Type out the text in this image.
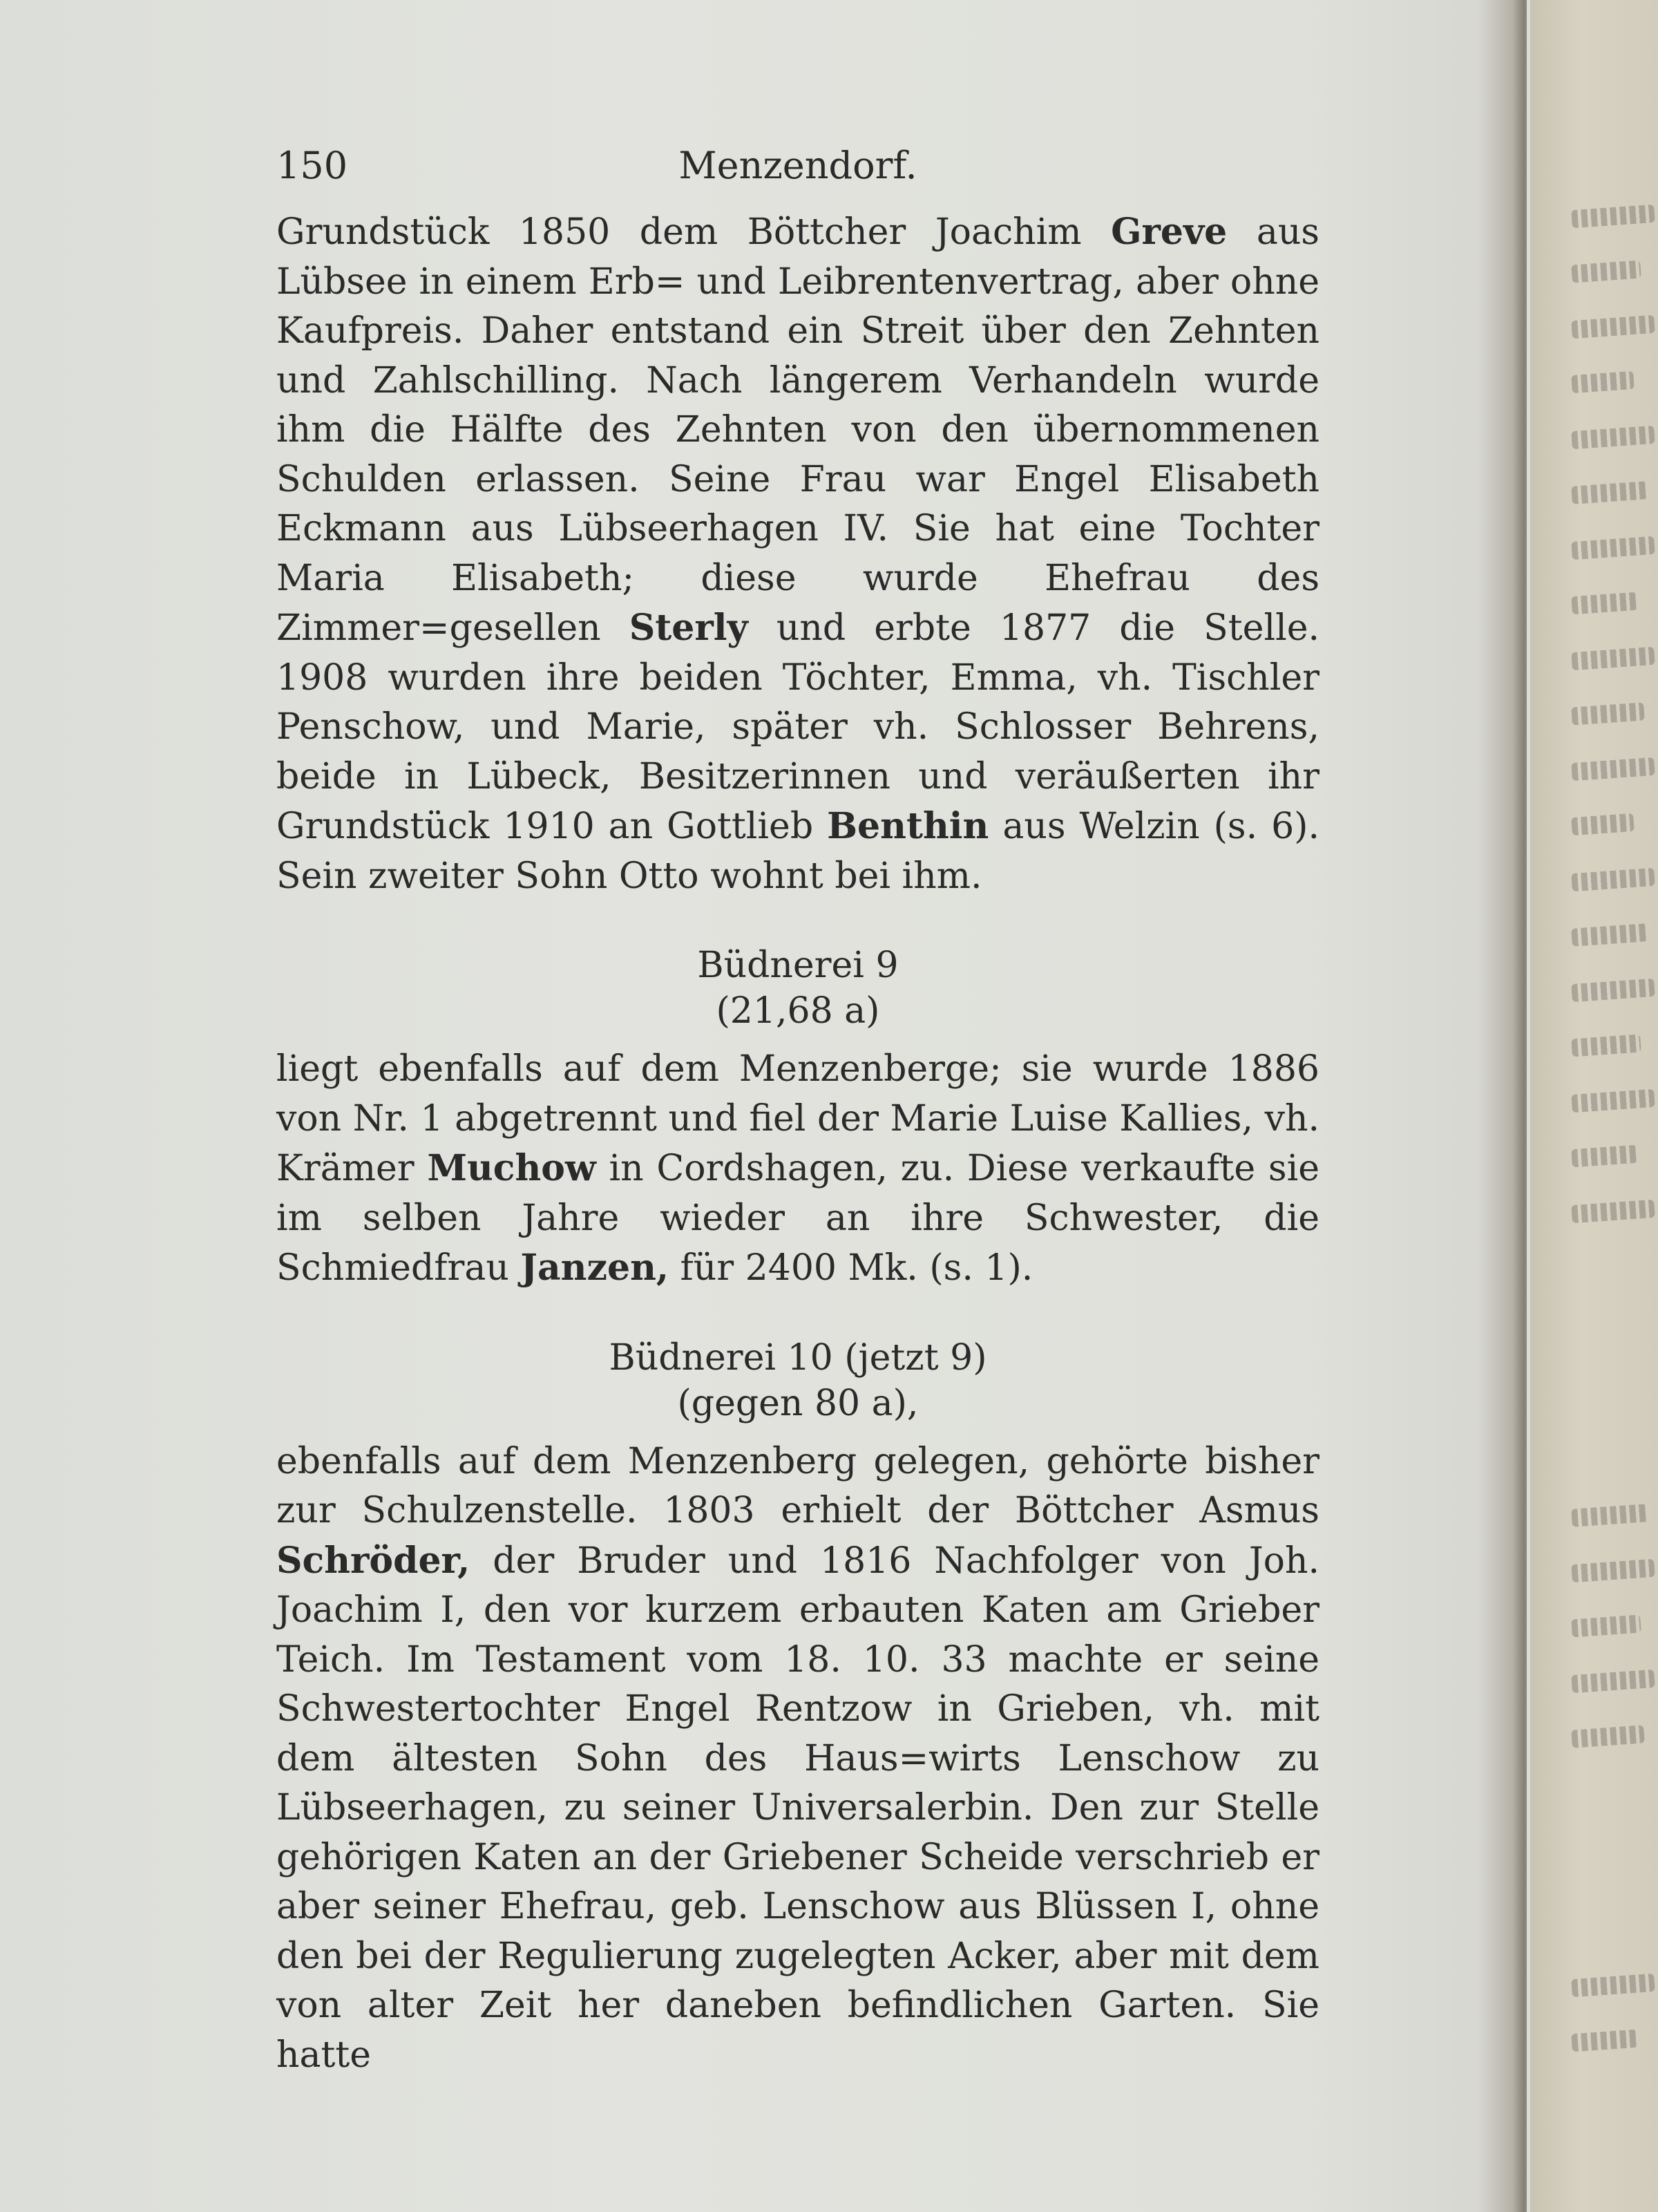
150	Menzendorf.

Grundstück 1850 dem Böttcher Joachim Greve aus Lübsee in einem Erb= und Leibrentenvertrag, aber ohne Kaufpreis. Daher entstand ein Streit über den Zehnten und Zahlschilling. Nach längerem Verhandeln wurde ihm die Hälfte des Zehnten von den übernommenen Schulden erlassen. Seine Frau war Engel Elisabeth Eckmann aus Lübseerhagen IV. Sie hat eine Tochter Maria Elisabeth; diese wurde Ehefrau des Zimmer=gesellen Sterly und erbte 1877 die Stelle. 1908 wurden ihre beiden Töchter, Emma, vh. Tischler Penschow, und Marie, später vh. Schlosser Behrens, beide in Lübeck, Besitzerinnen und veräußerten ihr Grundstück 1910 an Gottlieb Benthin aus Welzin (s. 6). Sein zweiter Sohn Otto wohnt bei ihm.

Büdnerei 9
(21,68 a)

liegt ebenfalls auf dem Menzenberge; sie wurde 1886 von Nr. 1 abgetrennt und fiel der Marie Luise Kallies, vh. Krämer Muchow in Cordshagen, zu. Diese verkaufte sie im selben Jahre wieder an ihre Schwester, die Schmiedfrau Janzen, für 2400 Mk. (s. 1).

Büdnerei 10 (jetzt 9)
(gegen 80 a),

ebenfalls auf dem Menzenberg gelegen, gehörte bisher zur Schulzenstelle. 1803 erhielt der Böttcher Asmus Schröder, der Bruder und 1816 Nachfolger von Joh. Joachim I, den vor kurzem erbauten Katen am Grieber Teich. Im Testament vom 18. 10. 33 machte er seine Schwestertochter Engel Rentzow in Grieben, vh. mit dem ältesten Sohn des Haus=wirts Lenschow zu Lübseerhagen, zu seiner Universalerbin. Den zur Stelle gehörigen Katen an der Griebener Scheide verschrieb er aber seiner Ehefrau, geb. Lenschow aus Blüssen I, ohne den bei der Regulierung zugelegten Acker, aber mit dem von alter Zeit her daneben befindlichen Garten. Sie hatte
